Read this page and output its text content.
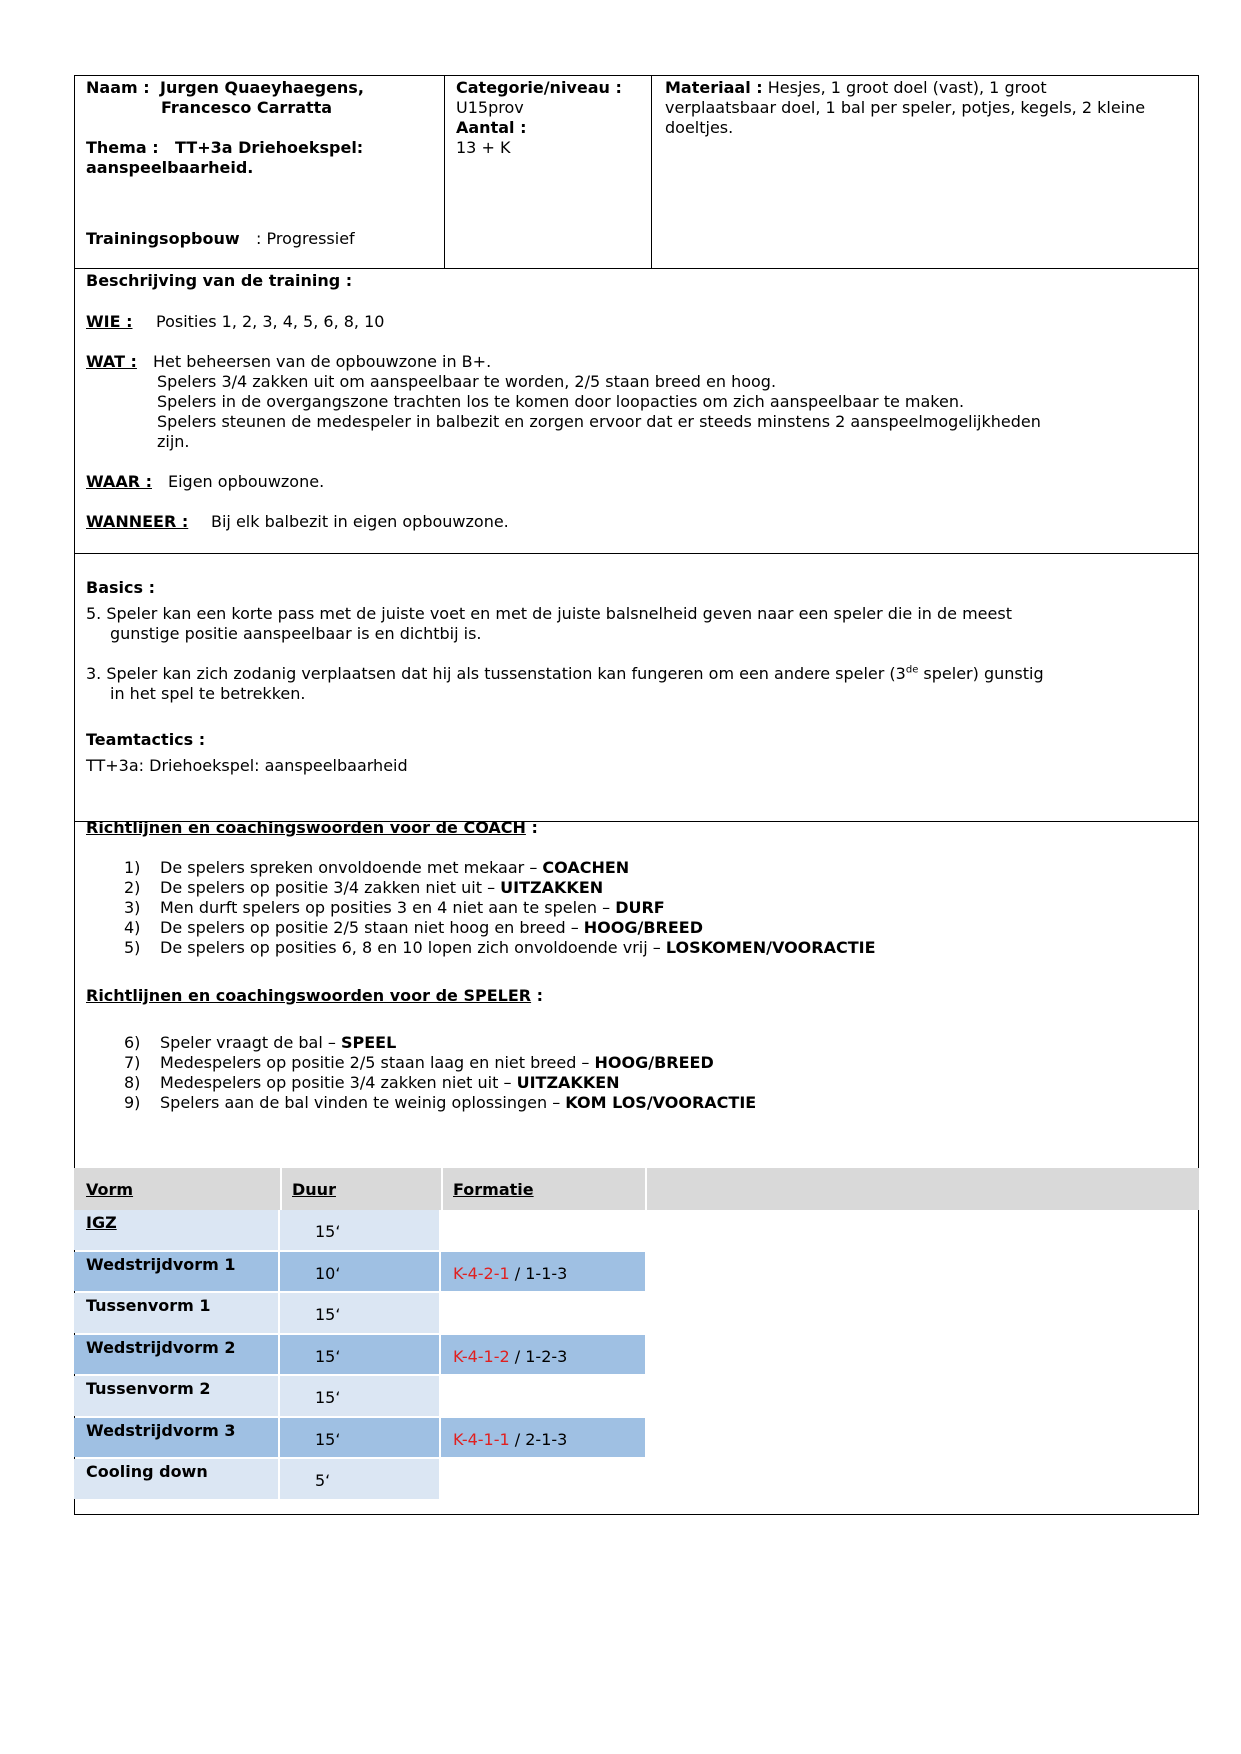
Naam : Jurgen Quaeyhaegens,
Francesco Carratta
Thema : TT+3a Driehoekspel:
aanspeelbaarheid.
Trainingsopbouw : Progressief
Categorie/niveau :
U15prov
Aantal :
13 + K
Materiaal : Hesjes, 1 groot doel (vast), 1 groot
verplaatsbaar doel, 1 bal per speler, potjes, kegels, 2 kleine
doeltjes.
Beschrijving van de training :
WIE : Posities 1, 2, 3, 4, 5, 6, 8, 10
WAT : Het beheersen van de opbouwzone in B+.
Spelers 3/4 zakken uit om aanspeelbaar te worden, 2/5 staan breed en hoog.
Spelers in de overgangszone trachten los te komen door loopacties om zich aanspeelbaar te maken.
Spelers steunen de medespeler in balbezit en zorgen ervoor dat er steeds minstens 2 aanspeelmogelijkheden
zijn.
WAAR : Eigen opbouwzone.
WANNEER : Bij elk balbezit in eigen opbouwzone.
Basics :
5. Speler kan een korte pass met de juiste voet en met de juiste balsnelheid geven naar een speler die in de meest
gunstige positie aanspeelbaar is en dichtbij is.
3. Speler kan zich zodanig verplaatsen dat hij als tussenstation kan fungeren om een andere speler (3de speler) gunstig
in het spel te betrekken.
Teamtactics :
TT+3a: Driehoekspel: aanspeelbaarheid
Richtlijnen en coachingswoorden voor de COACH :
1) De spelers spreken onvoldoende met mekaar – COACHEN
2) De spelers op positie 3/4 zakken niet uit – UITZAKKEN
3) Men durft spelers op posities 3 en 4 niet aan te spelen – DURF
4) De spelers op positie 2/5 staan niet hoog en breed – HOOG/BREED
5) De spelers op posities 6, 8 en 10 lopen zich onvoldoende vrij – LOSKOMEN/VOORACTIE
Richtlijnen en coachingswoorden voor de SPELER :
6) Speler vraagt de bal – SPEEL
7) Medespelers op positie 2/5 staan laag en niet breed – HOOG/BREED
8) Medespelers op positie 3/4 zakken niet uit – UITZAKKEN
9) Spelers aan de bal vinden te weinig oplossingen – KOM LOS/VOORACTIE
Vorm	Duur	Formatie
IGZ	15‘
Wedstrijdvorm 1	10‘	K-4-2-1 / 1-1-3
Tussenvorm 1	15‘
Wedstrijdvorm 2	15‘	K-4-1-2 / 1-2-3
Tussenvorm 2	15‘
Wedstrijdvorm 3	15‘	K-4-1-1 / 2-1-3
Cooling down	5‘
